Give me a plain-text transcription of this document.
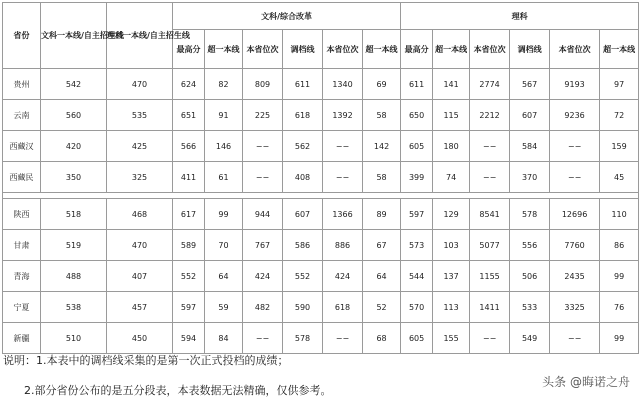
省份	文科一本线/自主招生线	理科一本线/自主招生线	文科/综合改革						理科					
			最高分	超一本线	本省位次	调档线	本省位次	超一本线	最高分	超一本线	本省位次	调档线	本省位次	超一本线
贵州	542	470	624	82	809	611	1340	69	611	141	2774	567	9193	97
云南	560	535	651	91	225	618	1392	58	650	115	2212	607	9236	72
西藏汉	420	425	566	146	−−	562	−−	142	605	180	−−	584	−−	159
西藏民	350	325	411	61	−−	408	−−	58	399	74	−−	370	−−	45

陕西	518	468	617	99	944	607	1366	89	597	129	8541	578	12696	110
甘肃	519	470	589	70	767	586	886	67	573	103	5077	556	7760	86
青海	488	407	552	64	424	552	424	64	544	137	1155	506	2435	99
宁夏	538	457	597	59	482	590	618	52	570	113	1411	533	3325	76
新疆	510	450	594	84	−−	578	−−	68	605	155	−−	549	−−	99
说明：1.本表中的调档线采集的是第一次正式投档的成绩；
2.部分省份公布的是五分段表，本表数据无法精确，仅供参考。
头条 @晦诺之舟
